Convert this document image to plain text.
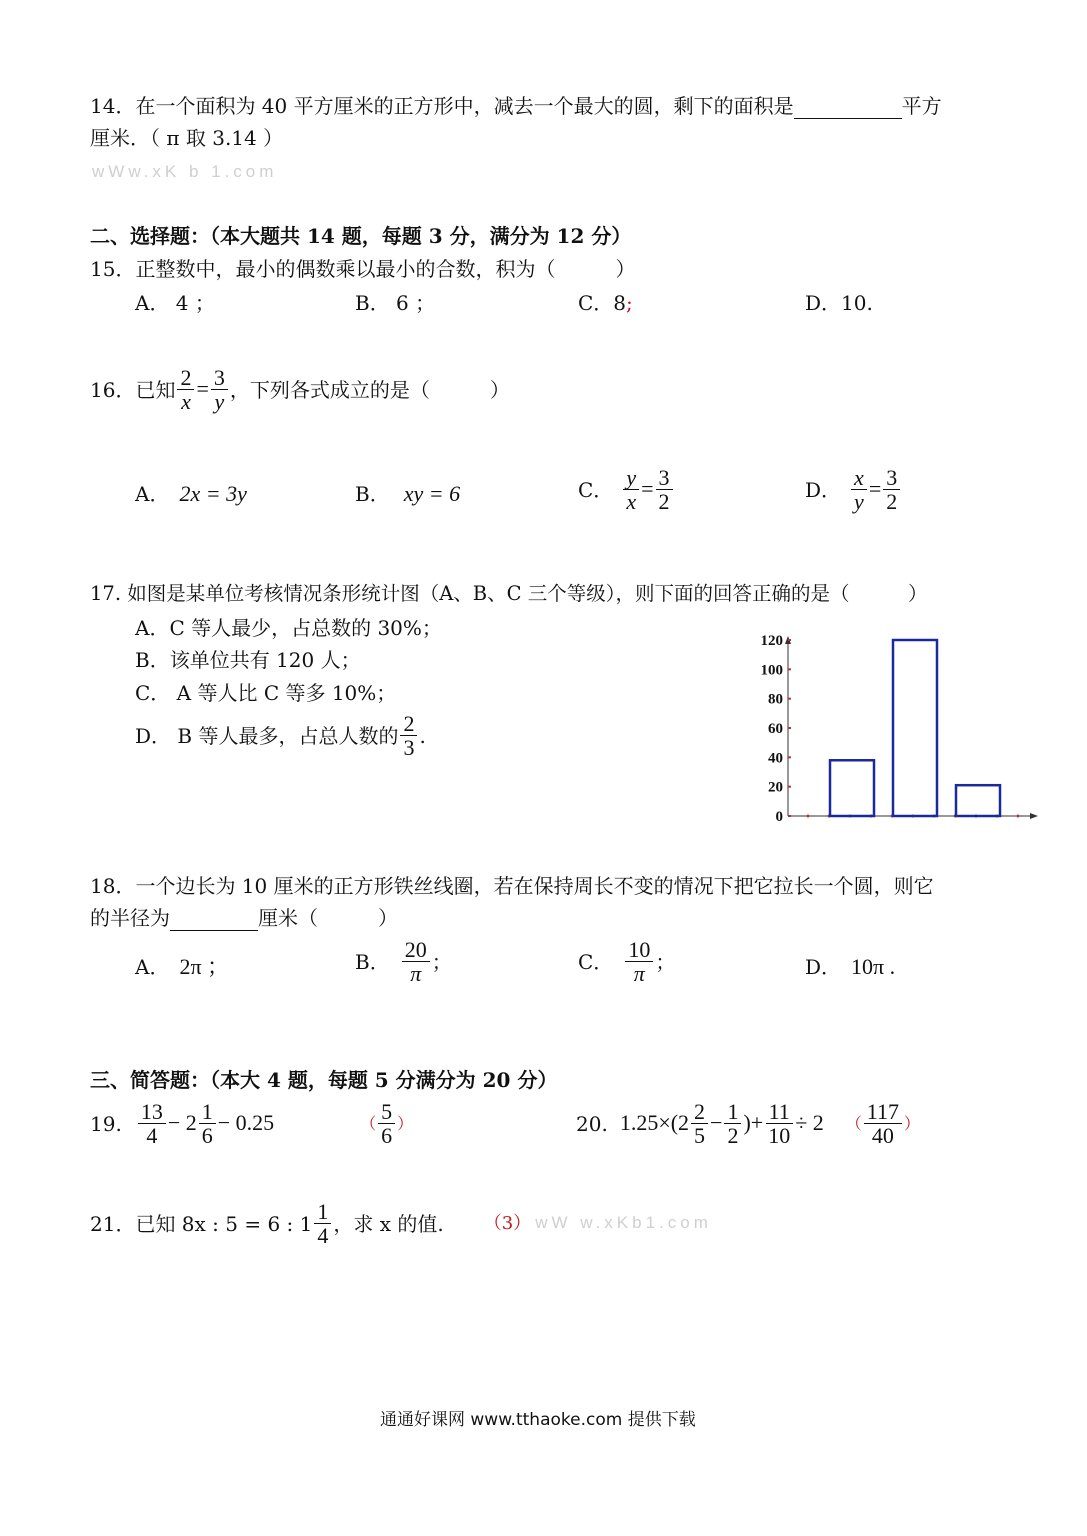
14．在一个面积为 40 平方厘米的正方形中，减去一个最大的圆，剩下的面积是	平方
厘米．（ π 取 3.14 ）
wWw.xK b 1.com
二、选择题：（本大题共 14 题，每题 3 分，满分为 12 分）
15．正整数中，最小的偶数乘以最小的合数，积为（　　　）
A． 4 ；	B． 6 ；	C．8;	D．10.
16．已知 $\frac{2}{x} = \frac{3}{y}$ ，下列各式成立的是（　　　）
A． 2x = 3y	B． xy = 6	C． $\frac{y}{x} = \frac{3}{2}$	D． $\frac{x}{y} = \frac{3}{2}$
17. 如图是某单位考核情况条形统计图（A、B、C 三个等级），则下面的回答正确的是（　　　）
A．C 等人最少，占总数的 30%；
B．该单位共有 120 人；
C． A 等人比 C 等多 10%；
D． B 等人最多，占总人数的 $\frac{2}{3}$ .
0
20
40
60
80
100
120
18．一个边长为 10 厘米的正方形铁丝线圈，若在保持周长不变的情况下把它拉长一个圆，则它
的半径为	厘米（　　　）
A． 2π ；	B． $\frac{20}{\pi}$ ；	C． $\frac{10}{\pi}$ ；	D． 10π .
三、简答题：（本大 4 题，每题 5 分满分为 20 分）
19. $\frac{13}{4} - 2 \frac{1}{6} - 0.25$	（ $\frac{5}{6}$ ）	20. $1.25\times(2 \frac{2}{5} - \frac{1}{2}$ )+ $\frac{11}{10} \div 2$ （ $\frac{117}{40}$ ）
21．已知 8x : 5 = 6 : $1 \frac{1}{4}$ ，求 x 的值. （3） wW w.xKb1.com
通通好课网 www.tthaoke.com 提供下载
